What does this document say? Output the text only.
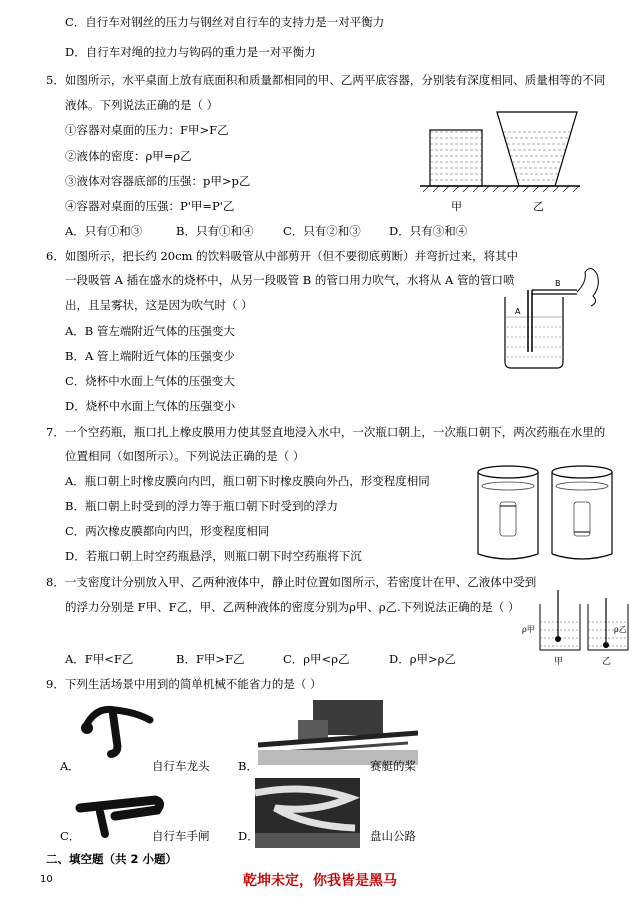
C．自行车对钢丝的压力与钢丝对自行车的支持力是一对平衡力
D．自行车对绳的拉力与钩码的重力是一对平衡力
5．如图所示，水平桌面上放有底面积和质量都相同的甲、乙两平底容器，分别装有深度相同、质量相等的不同
液体。下列说法正确的是（ ）
①容器对桌面的压力：F甲>F乙
②液体的密度：ρ甲=ρ乙
③液体对容器底部的压强：p甲>p乙
④容器对桌面的压强：P'甲=P'乙
A．只有①和③	B．只有①和④	C．只有②和③ D．只有③和④
甲	乙
6．如图所示，把长约 20cm 的饮料吸管从中部剪开（但不要彻底剪断）并弯折过来，将其中
一段吸管 A 插在盛水的烧杯中，从另一段吸管 B 的管口用力吹气，水将从 A 管的管口喷
出，且呈雾状，这是因为吹气时（ ）
A．B 管左端附近气体的压强变大
B．A 管上端附近气体的压强变少
C．烧杯中水面上气体的压强变大
D．烧杯中水面上气体的压强变小
A
B
7．一个空药瓶，瓶口扎上橡皮膜用力使其竖直地浸入水中，一次瓶口朝上，一次瓶口朝下，两次药瓶在水里的
位置相同（如图所示）。下列说法正确的是（ ）
A．瓶口朝上时橡皮膜向内凹，瓶口朝下时橡皮膜向外凸，形变程度相同
B．瓶口朝上时受到的浮力等于瓶口朝下时受到的浮力
C．两次橡皮膜都向内凹，形变程度相同
D．若瓶口朝上时空药瓶悬浮，则瓶口朝下时空药瓶将下沉
8．一支密度计分别放入甲、乙两种液体中，静止时位置如图所示，若密度计在甲、乙液体中受到
的浮力分别是 F甲、F乙，甲、乙两种液体的密度分别为ρ甲、ρ乙.下列说法正确的是（ ）
A．F甲<F乙	B．F甲>F乙	C．ρ甲<ρ乙	D．ρ甲>ρ乙
ρ甲	ρ乙
甲	乙
9．下列生活场景中用到的简单机械不能省力的是（ ）
A．	自行车龙头 B．	赛艇的桨
C．	自行车手闸 D．	盘山公路
二、填空题（共 2 小题）
10	乾坤未定，你我皆是黑马
